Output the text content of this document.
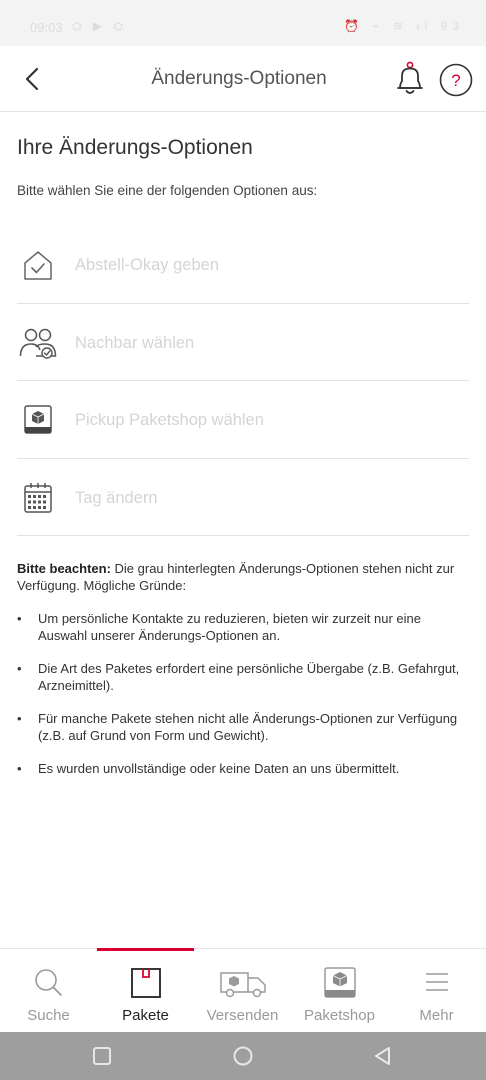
09:03 ⛭ ▶ ⛭	⏰ ⌁ ≋ ıl 93
Änderungs-Optionen	?
Ihre Änderungs-Optionen
Bitte wählen Sie eine der folgenden Optionen aus:
Abstell-Okay geben
Nachbar wählen
Pickup Paketshop wählen
Tag ändern

Bitte beachten: Die grau hinterlegten Änderungs-Optionen stehen nicht zur Verfügung. Mögliche Gründe:

• Um persönliche Kontakte zu reduzieren, bieten wir zurzeit nur eine Auswahl unserer Änderungs-Optionen an.
• Die Art des Paketes erfordert eine persönliche Übergabe (z.B. Gefahrgut, Arzneimittel).
• Für manche Pakete stehen nicht alle Änderungs-Optionen zur Verfügung (z.B. auf Grund von Form und Gewicht).
• Es wurden unvollständige oder keine Daten an uns übermittelt.
Suche	Pakete	Versenden	Paketshop	Mehr
